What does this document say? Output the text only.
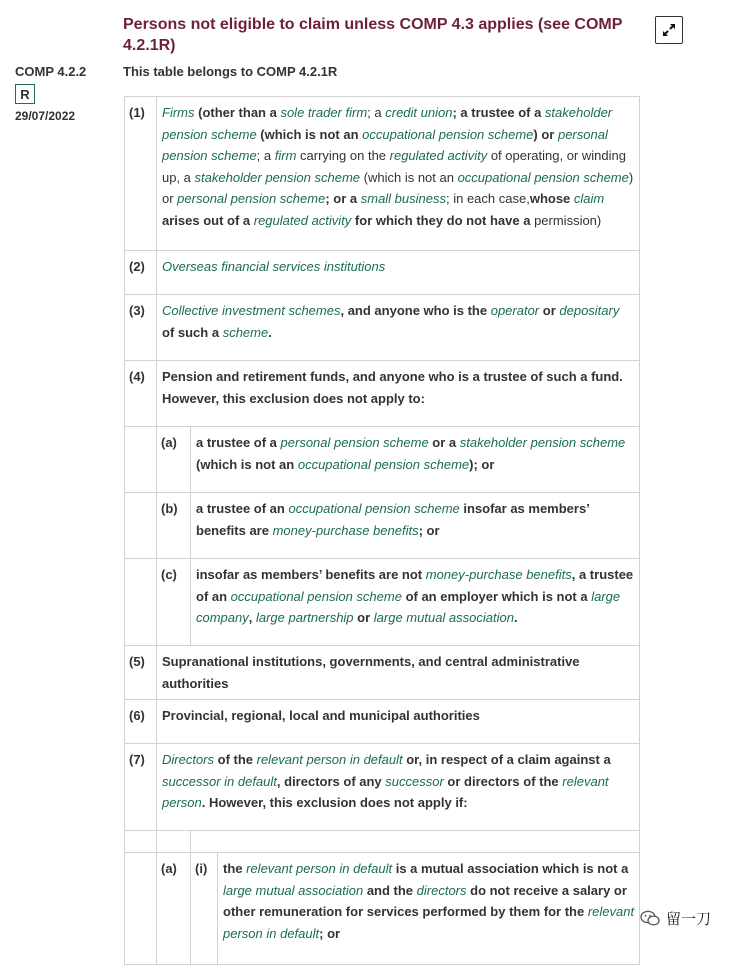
Persons not eligible to claim unless COMP 4.3 applies (see COMP 4.2.1R)
COMP 4.2.2
R
29/07/2022
This table belongs to COMP 4.2.1R
(1)	Firms (other than a sole trader firm; a credit union; a trustee of a stakeholder pension scheme (which is not an occupational pension scheme) or personal pension scheme; a firm carrying on the regulated activity of operating, or winding up, a stakeholder pension scheme (which is not an occupational pension scheme) or personal pension scheme; or a small business; in each case,whose claim arises out of a regulated activity for which they do not have a permission)		
(2)	Overseas financial services institutions		
(3)	Collective investment schemes, and anyone who is the operator or depositary of such a scheme.		
(4)	Pension and retirement funds, and anyone who is a trustee of such a fund. However, this exclusion does not apply to:		
	(a)	a trustee of a personal pension scheme or a stakeholder pension scheme (which is not an occupational pension scheme); or	
	(b)	a trustee of an occupational pension scheme insofar as members’ benefits are money-purchase benefits; or	
	(c)	insofar as members’ benefits are not money-purchase benefits, a trustee of an occupational pension scheme of an employer which is not a large company, large partnership or large mutual association.	
(5)	Supranational institutions, governments, and central administrative authorities		
(6)	Provincial, regional, local and municipal authorities		
(7)	Directors of the relevant person in default or, in respect of a claim against a successor in default, directors of any successor or directors of the relevant person. However, this exclusion does not apply if:		

	(a)	(i)	the relevant person in default is a mutual association which is not a large mutual association and the directors do not receive a salary or other remuneration for services performed by them for the relevant person in default; or
留一刀
